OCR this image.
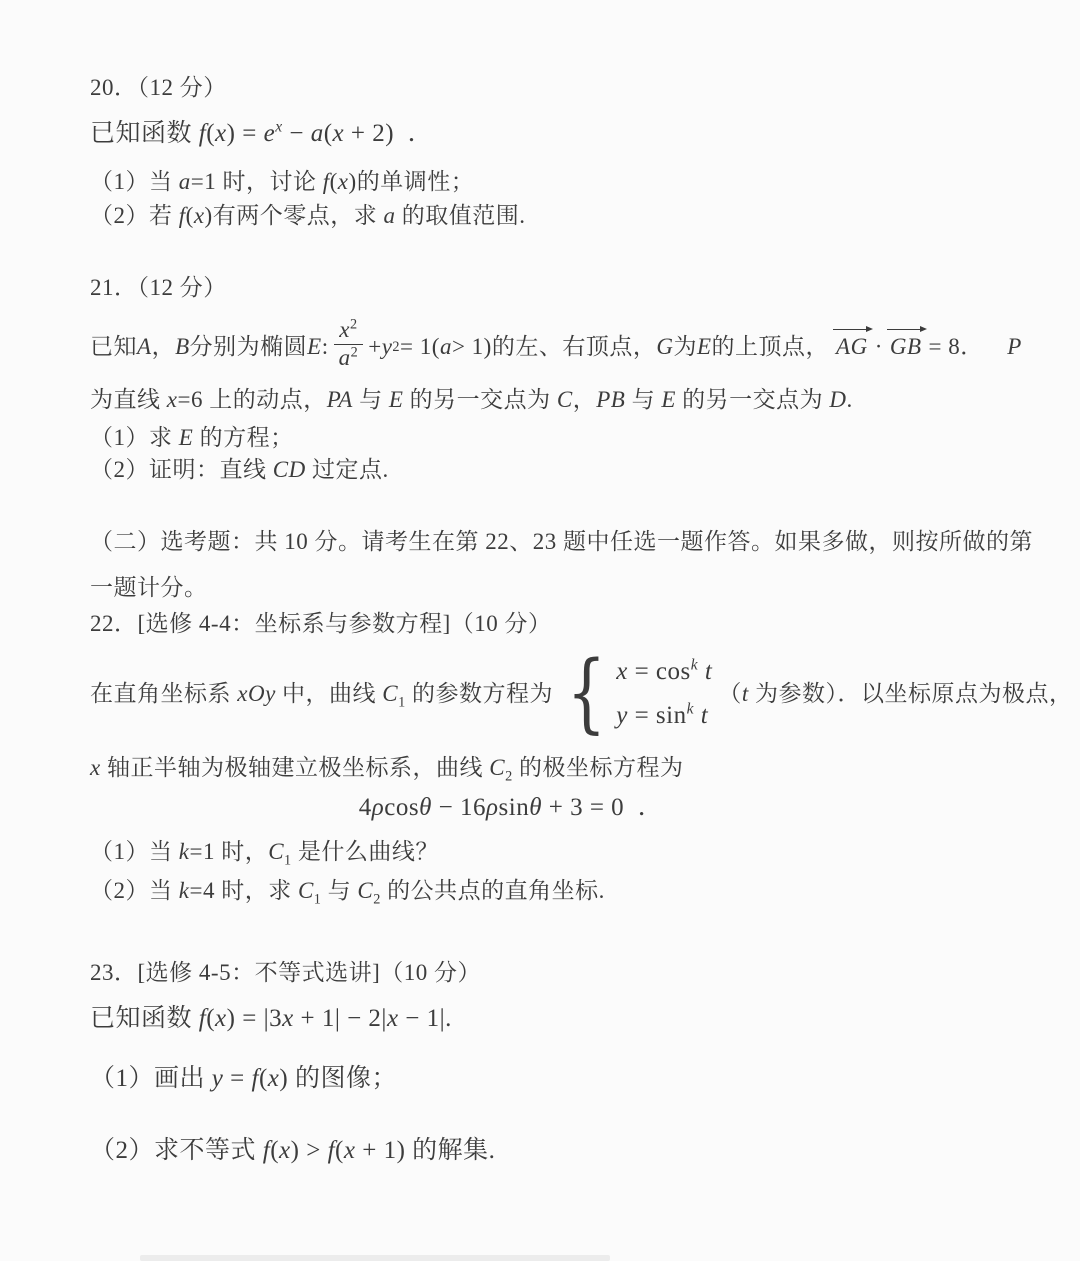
20．（12 分）
已知函数 $f(x) = e^x - a(x + 2)$  ．
（1）当 a=1 时，讨论 f(x)的单调性；
（2）若 f(x)有两个零点，求 a 的取值范围.
21．（12 分）
已知 A ， B 分别为椭圆 E : $\frac{x^2}{a^2} + y$ 2 = 1 ( a > 1 ) 的左、右顶点， G 为 E 的上顶点， AG · GB = 8 ．
　 P
为直线 x=6 上的动点，PA 与 E 的另一交点为 C，PB 与 E 的另一交点为 D.
（1）求 E 的方程；
（2）证明：直线 CD 过定点.
（二）选考题：共 10 分。请考生在第 22、23 题中任选一题作答。如果多做，则按所做的第
一题计分。
22．[选修 4-4：坐标系与参数方程]（10 分）
在直角坐标系 xOy 中，曲线 $C_1$ 的参数方程为 { $x = \cos^k t$
$y = \sin^k t$
（t 为参数）．以坐标原点为极点，
x 轴正半轴为极轴建立极坐标系，曲线 $C_2$ 的极坐标方程为
4ρcosθ − 16ρsinθ + 3 = 0  ．
（1）当 k=1 时，$C_1$ 是什么曲线？
（2）当 k=4 时，求 $C_1$ 与 $C_2$ 的公共点的直角坐标.
23．[选修 4-5：不等式选讲]（10 分）
已知函数 f(x) = |3x + 1| − 2|x − 1|.
（1）画出 y = f(x) 的图像；
（2）求不等式 f(x) > f(x + 1) 的解集.
